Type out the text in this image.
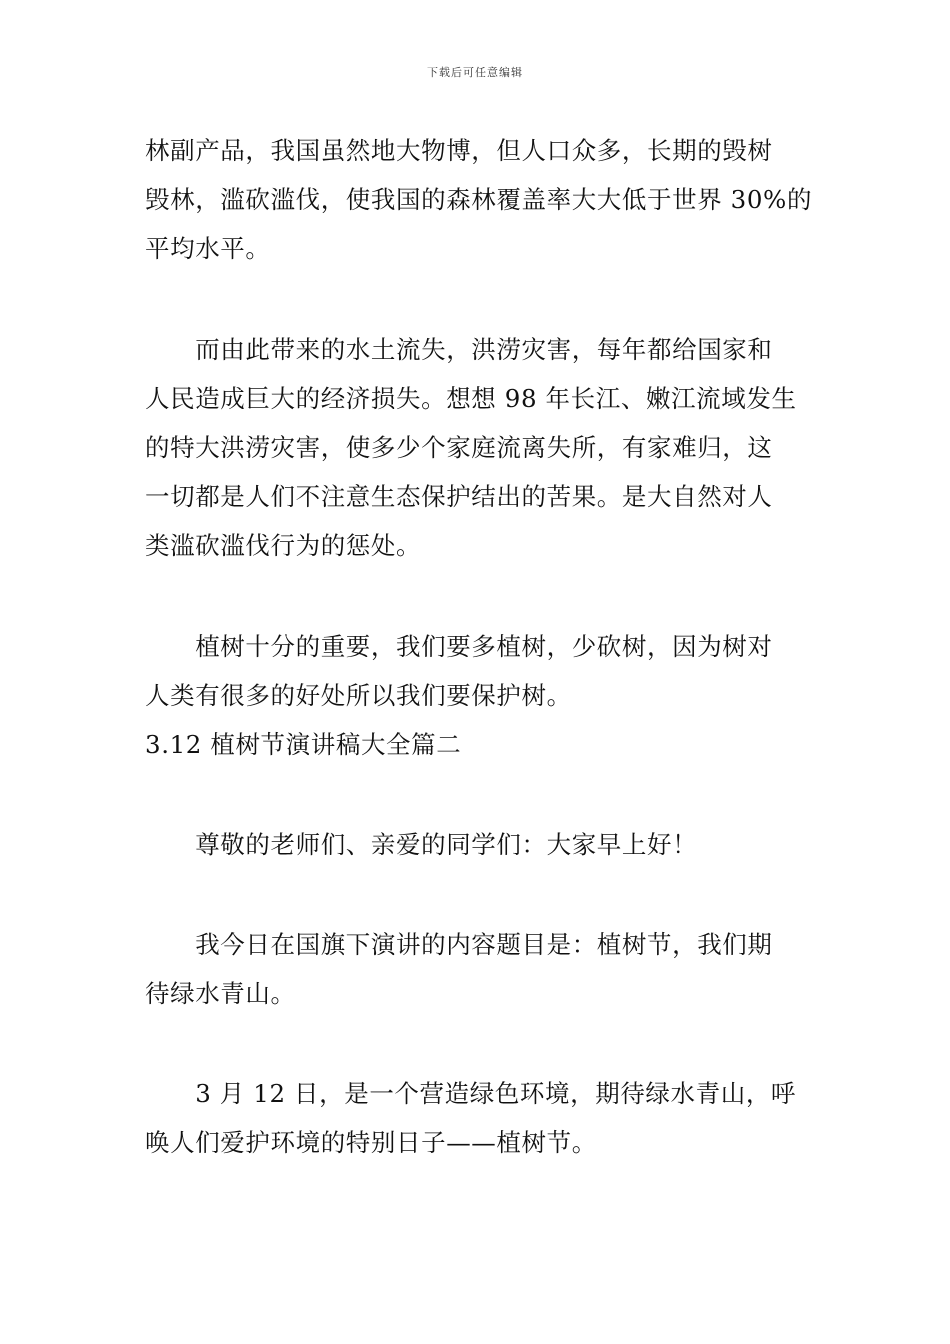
下载后可任意编辑
林副产品，我国虽然地大物博，但人口众多，长期的毁树
毁林，滥砍滥伐，使我国的森林覆盖率大大低于世界 30%的
平均水平。
　　而由此带来的水土流失，洪涝灾害，每年都给国家和
人民造成巨大的经济损失。想想 98 年长江、嫩江流域发生
的特大洪涝灾害，使多少个家庭流离失所，有家难归，这
一切都是人们不注意生态保护结出的苦果。是大自然对人
类滥砍滥伐行为的惩处。
　　植树十分的重要，我们要多植树，少砍树，因为树对
人类有很多的好处所以我们要保护树。
3.12 植树节演讲稿大全篇二
　　尊敬的老师们、亲爱的同学们：大家早上好！
　　我今日在国旗下演讲的内容题目是：植树节，我们期
待绿水青山。
　　3 月 12 日，是一个营造绿色环境，期待绿水青山，呼
唤人们爱护环境的特别日子——植树节。
